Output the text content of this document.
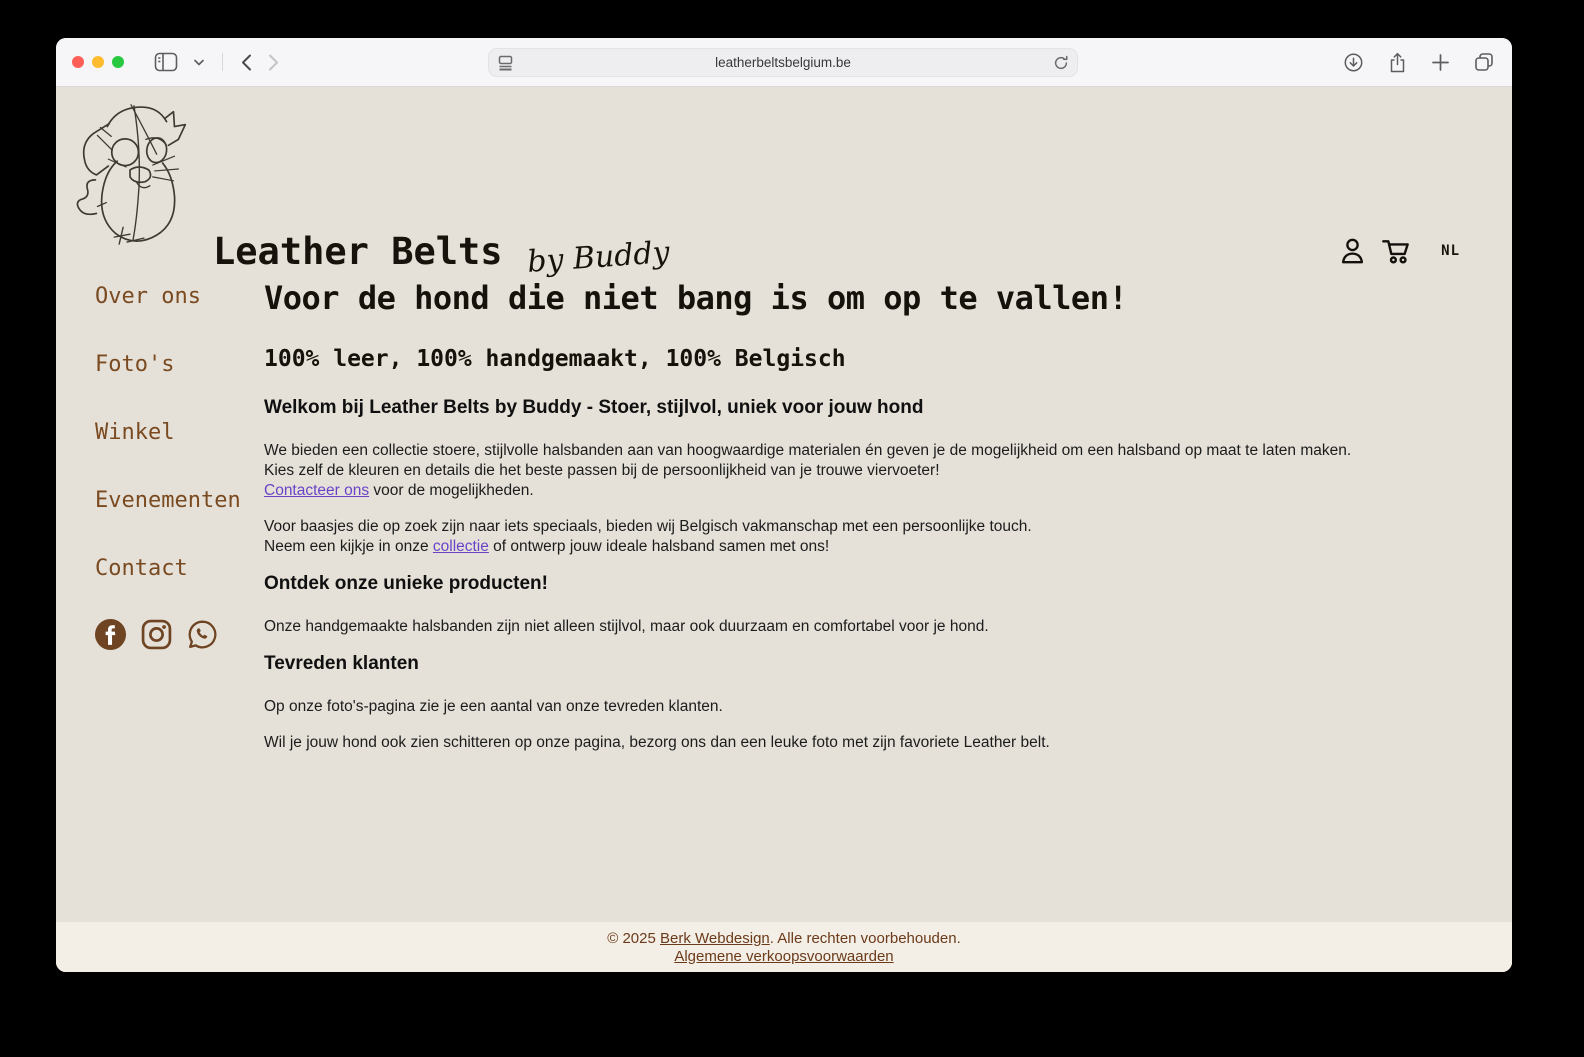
leatherbeltsbelgium.be
Leather Belts by Buddy	NL
Over ons
Foto's
Winkel
Evenementen
Contact
Voor de hond die niet bang is om op te vallen!
100% leer, 100% handgemaakt, 100% Belgisch
Welkom bij Leather Belts by Buddy - Stoer, stijlvol, uniek voor jouw hond

We bieden een collectie stoere, stijlvolle halsbanden aan van hoogwaardige materialen én geven je de mogelijkheid om een halsband op maat te laten maken.
Kies zelf de kleuren en details die het beste passen bij de persoonlijkheid van je trouwe viervoeter!
Contacteer ons voor de mogelijkheden.

Voor baasjes die op zoek zijn naar iets speciaals, bieden wij Belgisch vakmanschap met een persoonlijke touch.
Neem een kijkje in onze collectie of ontwerp jouw ideale halsband samen met ons!

Ontdek onze unieke producten!

Onze handgemaakte halsbanden zijn niet alleen stijlvol, maar ook duurzaam en comfortabel voor je hond.

Tevreden klanten

Op onze foto's-pagina zie je een aantal van onze tevreden klanten.

Wil je jouw hond ook zien schitteren op onze pagina, bezorg ons dan een leuke foto met zijn favoriete Leather belt.

© 2025 Berk Webdesign. Alle rechten voorbehouden.
Algemene verkoopsvoorwaarden
